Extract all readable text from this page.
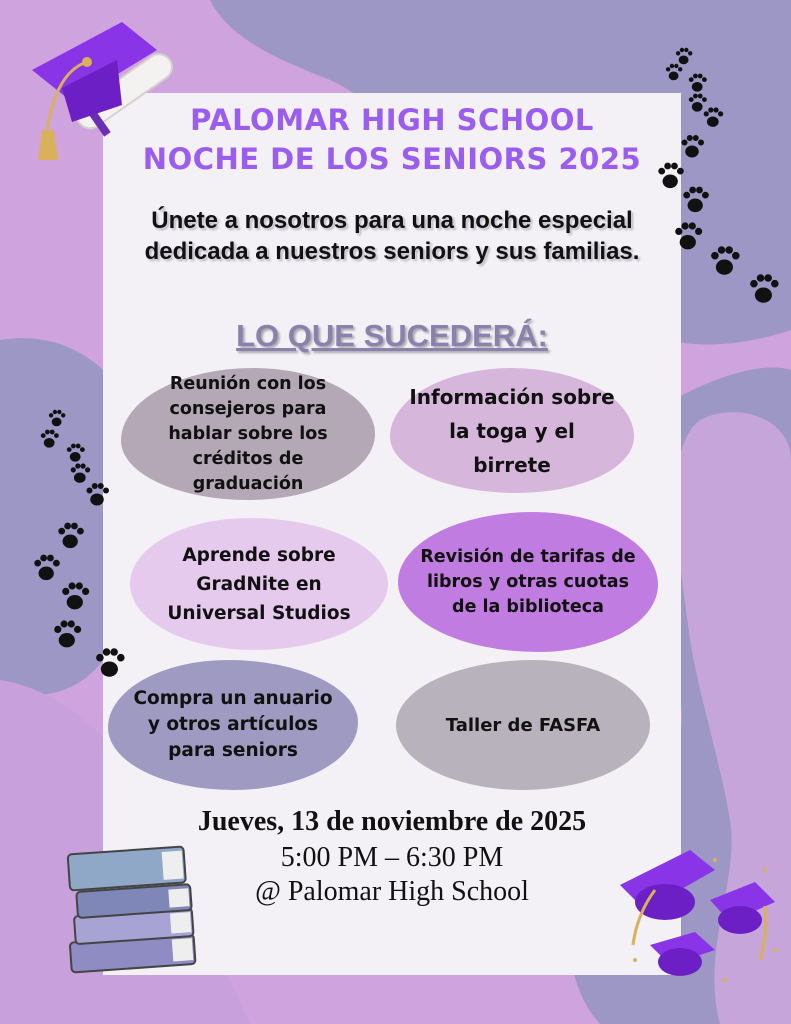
PALOMAR HIGH SCHOOL
NOCHE DE LOS SENIORS 2025
Únete a nosotros para una noche especial dedicada a nuestros seniors y sus familias.
LO QUE SUCEDERÁ:
Reunión con los consejeros para hablar sobre los créditos de graduación
Información sobre la toga y el birrete
Aprende sobre GradNite en Universal Studios
Revisión de tarifas de libros y otras cuotas de la biblioteca
Compra un anuario y otros artículos para seniors
Taller de FASFA
Jueves, 13 de noviembre de 2025
5:00 PM – 6:30 PM
@ Palomar High School
